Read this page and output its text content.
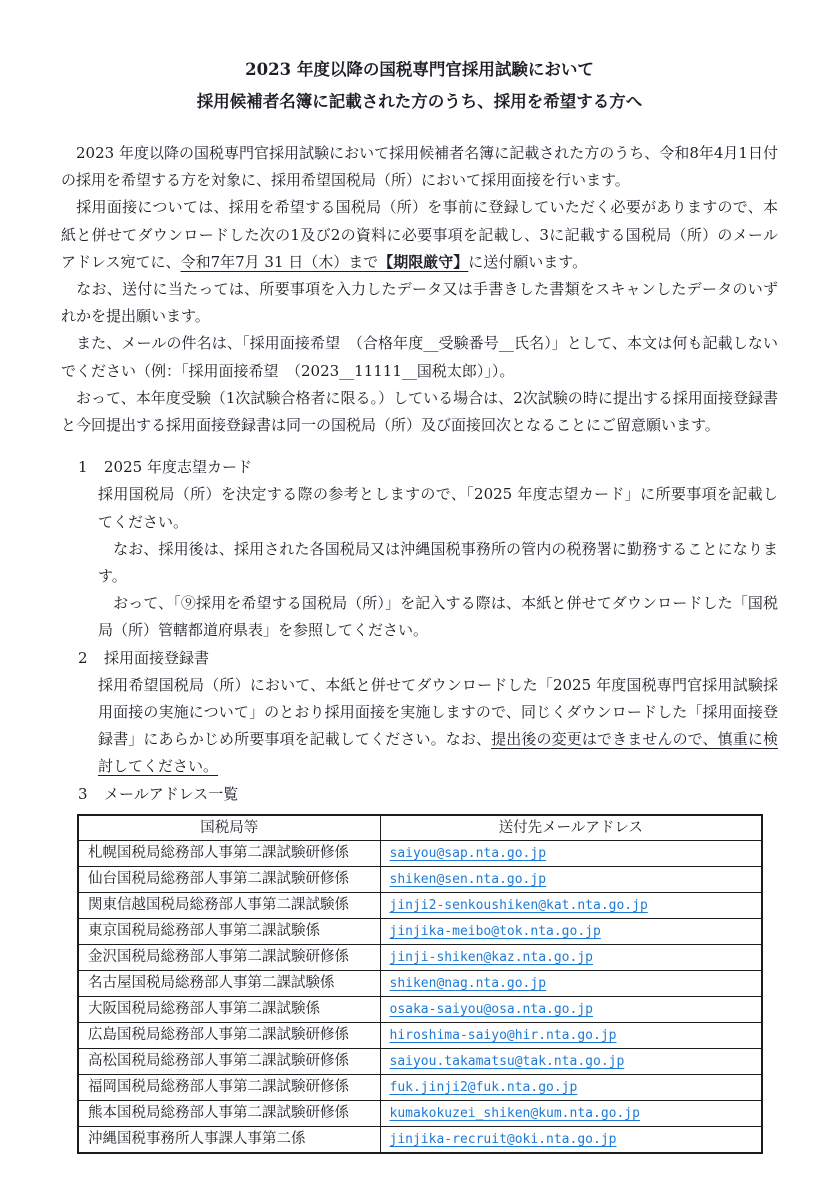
2023 年度以降の国税専門官採用試験において
採用候補者名簿に記載された方のうち、採用を希望する方へ

　2023 年度以降の国税専門官採用試験において採用候補者名簿に記載された方のうち、令和8年4月1日付の採用を希望する方を対象に、採用希望国税局（所）において採用面接を行います。

　採用面接については、採用を希望する国税局（所）を事前に登録していただく必要がありますので、本紙と併せてダウンロードした次の1及び2の資料に必要事項を記載し、3に記載する国税局（所）のメールアドレス宛てに、令和7年7月 31 日（木）まで【期限厳守】に送付願います。

　なお、送付に当たっては、所要事項を入力したデータ又は手書きした書類をスキャンしたデータのいずれかを提出願います。

　また、メールの件名は、「採用面接希望　（合格年度__受験番号__氏名）」として、本文は何も記載しないでください（例：「採用面接希望　（2023__11111__国税太郎）」）。

　おって、本年度受験（1次試験合格者に限る。）している場合は、2次試験の時に提出する採用面接登録書と今回提出する採用面接登録書は同一の国税局（所）及び面接回次となることにご留意願います。

1 2025 年度志望カード

採用国税局（所）を決定する際の参考としますので、「2025 年度志望カード」に所要事項を記載してください。

　なお、採用後は、採用された各国税局又は沖縄国税事務所の管内の税務署に勤務することになります。

　おって、「⑨採用を希望する国税局（所）」を記入する際は、本紙と併せてダウンロードした「国税局（所）管轄都道府県表」を参照してください。

2 採用面接登録書

採用希望国税局（所）において、本紙と併せてダウンロードした「2025 年度国税専門官採用試験採用面接の実施について」のとおり採用面接を実施しますので、同じくダウンロードした「採用面接登録書」にあらかじめ所要事項を記載してください。なお、提出後の変更はできませんので、慎重に検討してください。

3 メールアドレス一覧
国税局等	送付先メールアドレス
札幌国税局総務部人事第二課試験研修係	saiyou@sap.nta.go.jp
仙台国税局総務部人事第二課試験研修係	shiken@sen.nta.go.jp
関東信越国税局総務部人事第二課試験係	jinji2-senkoushiken@kat.nta.go.jp
東京国税局総務部人事第二課試験係	jinjika-meibo@tok.nta.go.jp
金沢国税局総務部人事第二課試験研修係	jinji-shiken@kaz.nta.go.jp
名古屋国税局総務部人事第二課試験係	shiken@nag.nta.go.jp
大阪国税局総務部人事第二課試験係	osaka-saiyou@osa.nta.go.jp
広島国税局総務部人事第二課試験研修係	hiroshima-saiyo@hir.nta.go.jp
高松国税局総務部人事第二課試験研修係	saiyou.takamatsu@tak.nta.go.jp
福岡国税局総務部人事第二課試験研修係	fuk.jinji2@fuk.nta.go.jp
熊本国税局総務部人事第二課試験研修係	kumakokuzei_shiken@kum.nta.go.jp
沖縄国税事務所人事課人事第二係	jinjika-recruit@oki.nta.go.jp
